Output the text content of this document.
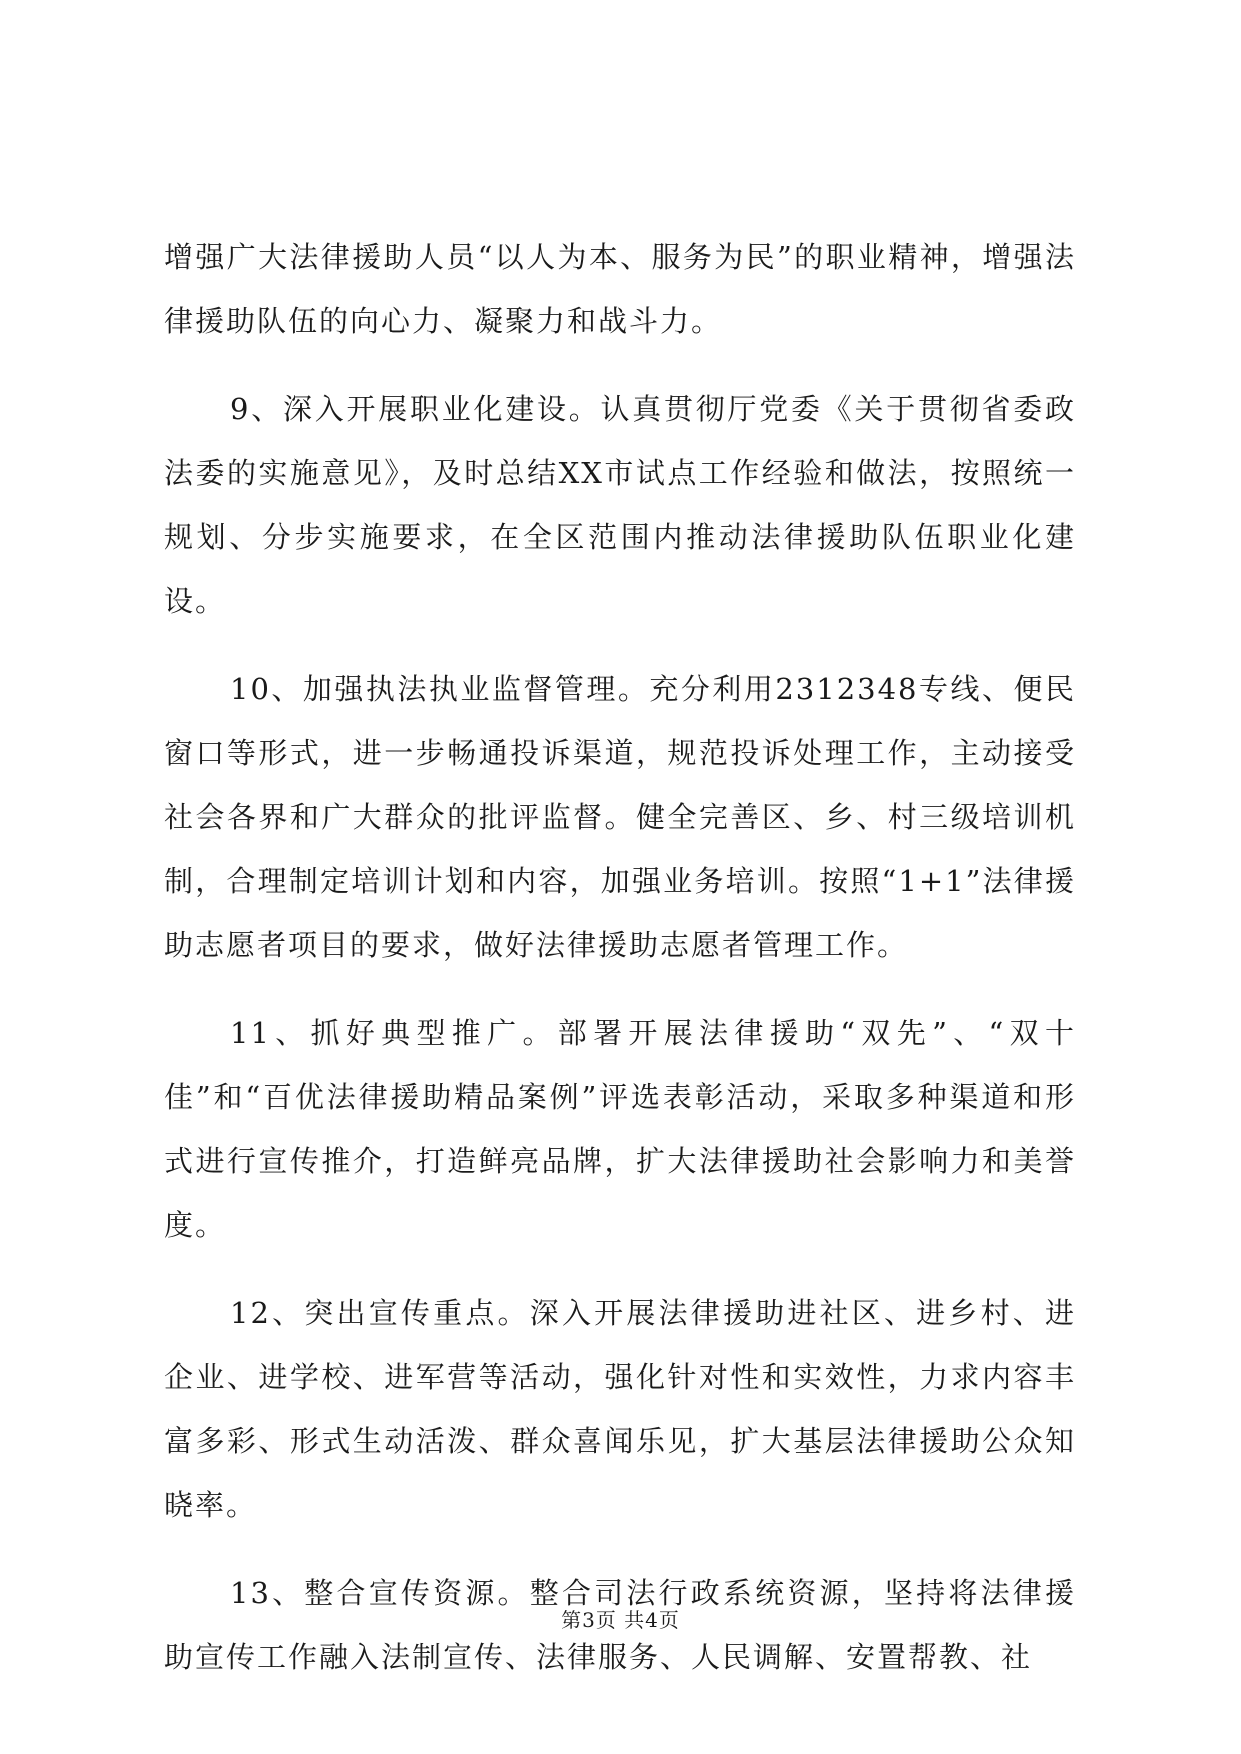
增强广大法律援助人员“以人为本、服务为民”的职业精神，增强法律援助队伍的向心力、凝聚力和战斗力。

9、深入开展职业化建设。认真贯彻厅党委《关于贯彻省委政法委的实施意见》，及时总结XX市试点工作经验和做法，按照统一规划、分步实施要求，在全区范围内推动法律援助队伍职业化建设。

10、加强执法执业监督管理。充分利用2312348专线、便民窗口等形式，进一步畅通投诉渠道，规范投诉处理工作，主动接受社会各界和广大群众的批评监督。健全完善区、乡、村三级培训机制，合理制定培训计划和内容，加强业务培训。按照“1+1”法律援助志愿者项目的要求，做好法律援助志愿者管理工作。

11、抓好典型推广。部署开展法律援助“双先”、“双十佳”和“百优法律援助精品案例”评选表彰活动，采取多种渠道和形式进行宣传推介，打造鲜亮品牌，扩大法律援助社会影响力和美誉度。

12、突出宣传重点。深入开展法律援助进社区、进乡村、进企业、进学校、进军营等活动，强化针对性和实效性，力求内容丰富多彩、形式生动活泼、群众喜闻乐见，扩大基层法律援助公众知晓率。

13、整合宣传资源。整合司法行政系统资源，坚持将法律援助宣传工作融入法制宣传、法律服务、人民调解、安置帮教、社

第3页 共4页
